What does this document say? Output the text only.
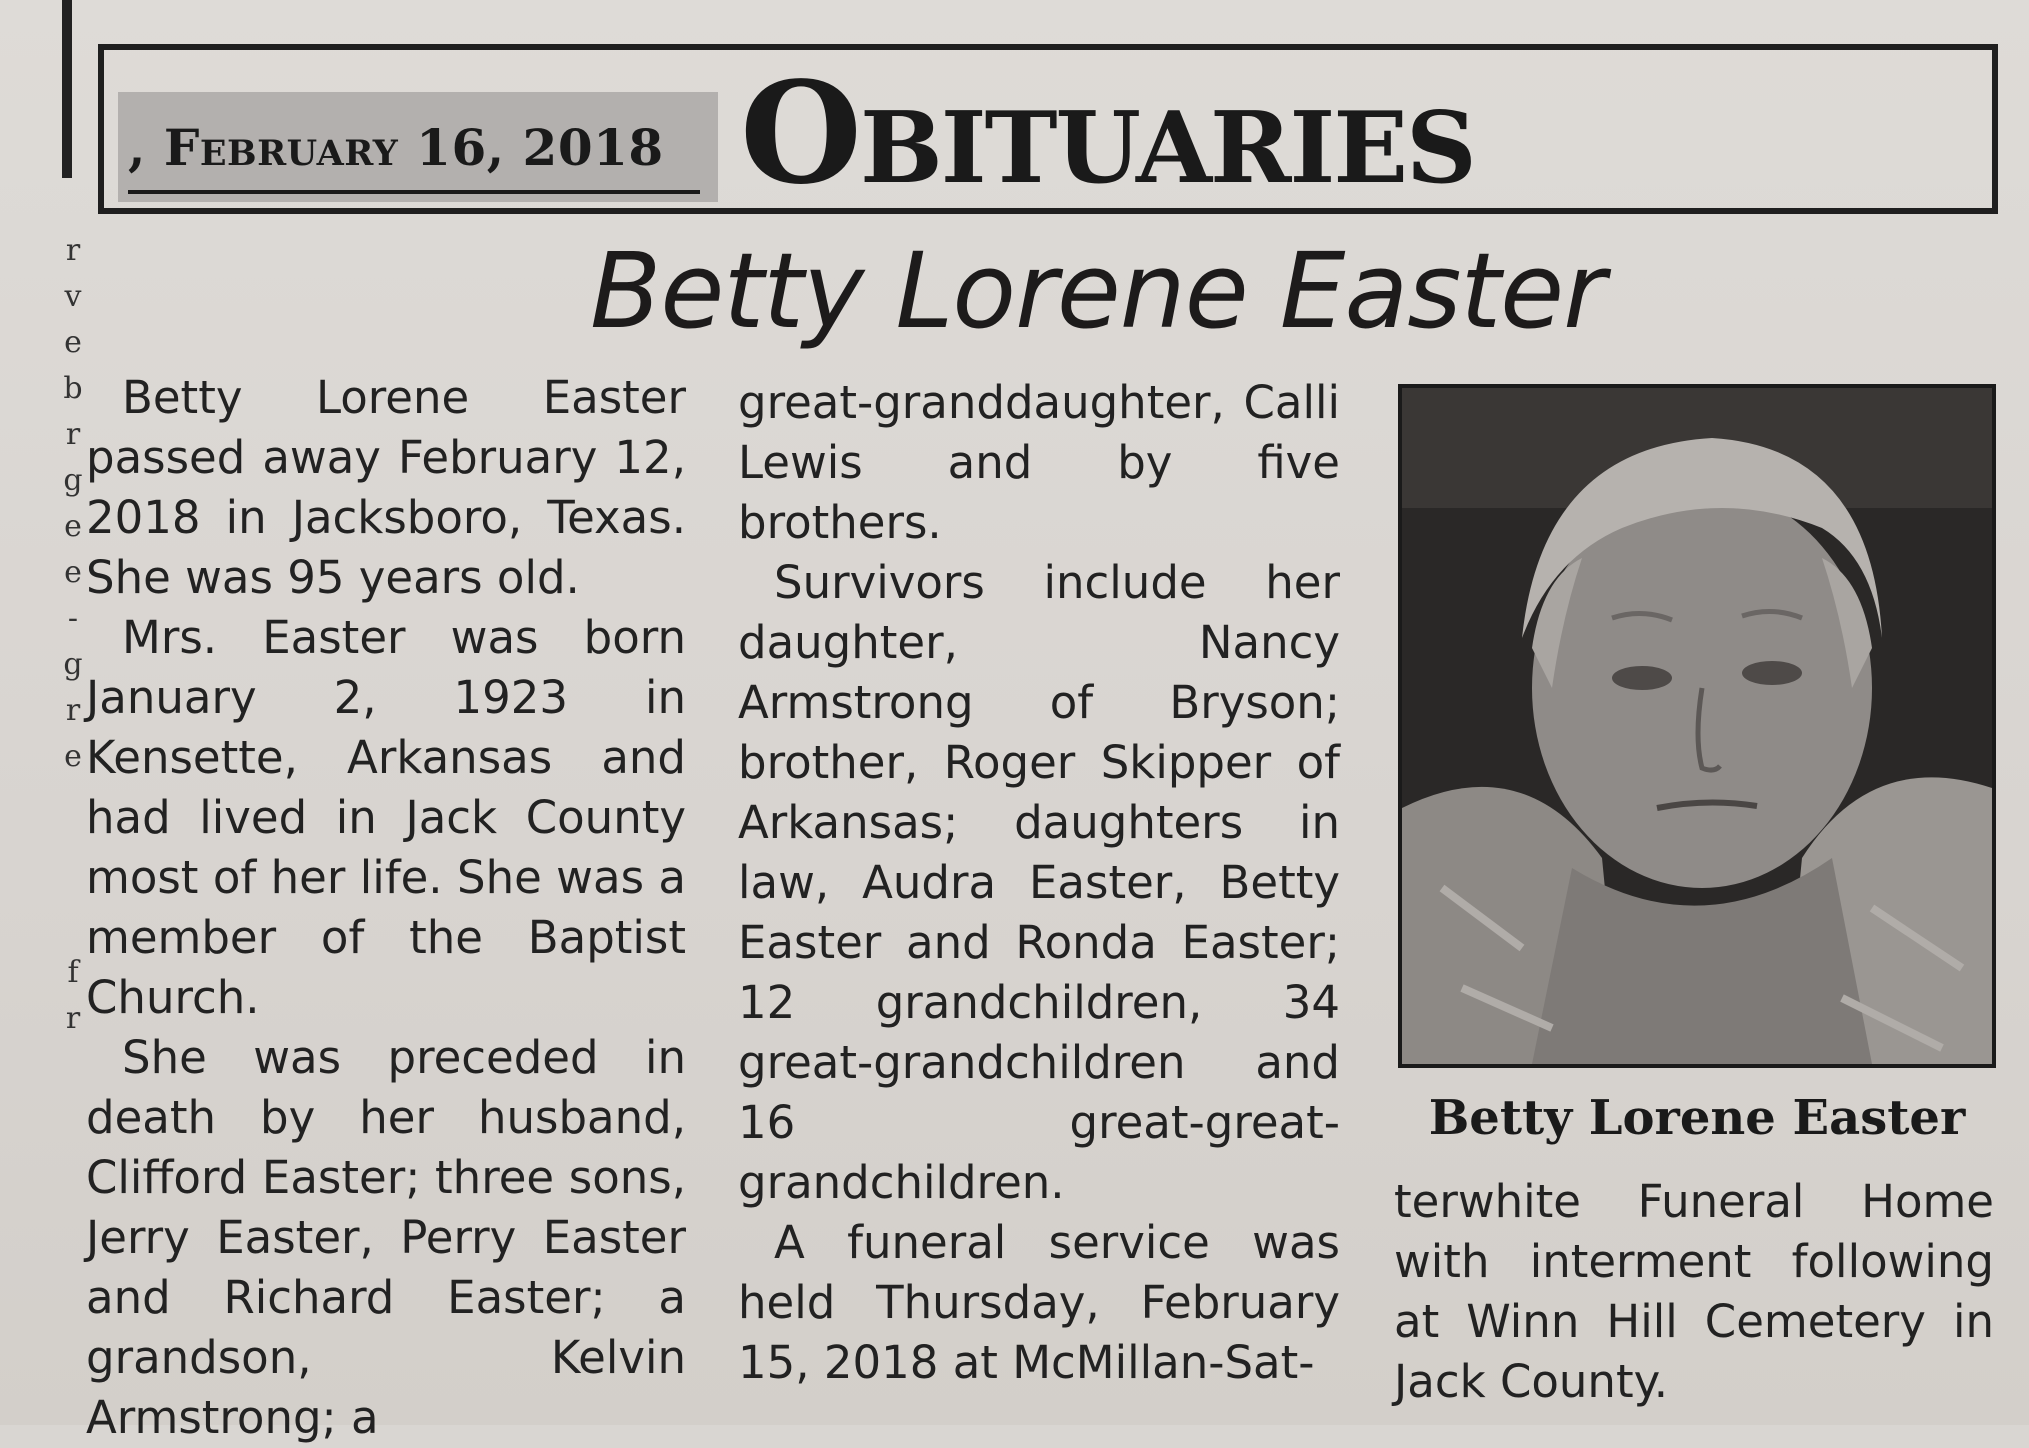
r
v
e
b
r
g
e
e
-
g
r
e
f
r
, February 16, 2018 Obituaries
Betty Lorene Easter

Betty Lorene Easter passed away February 12, 2018 in Jacksboro, Texas. She was 95 years old.

Mrs. Easter was born January 2, 1923 in Kensette, Arkansas and had lived in Jack County most of her life. She was a member of the Baptist Church.

She was preceded in death by her husband, Clifford Easter; three sons, Jerry Easter, Perry Easter and Richard Easter; a grandson, Kelvin Armstrong; a

great-granddaughter, Calli Lewis and by five brothers.

Survivors include her daughter, Nancy Armstrong of Bryson; brother, Roger Skipper of Arkansas; daughters in law, Audra Easter, Betty Easter and Ronda Easter; 12 grandchildren, 34 great-grandchildren and 16 great-great-grandchildren.

A funeral service was held Thursday, February 15, 2018 at McMillan-Sat-

Betty Lorene Easter

terwhite Funeral Home with interment following at Winn Hill Cemetery in Jack County.
